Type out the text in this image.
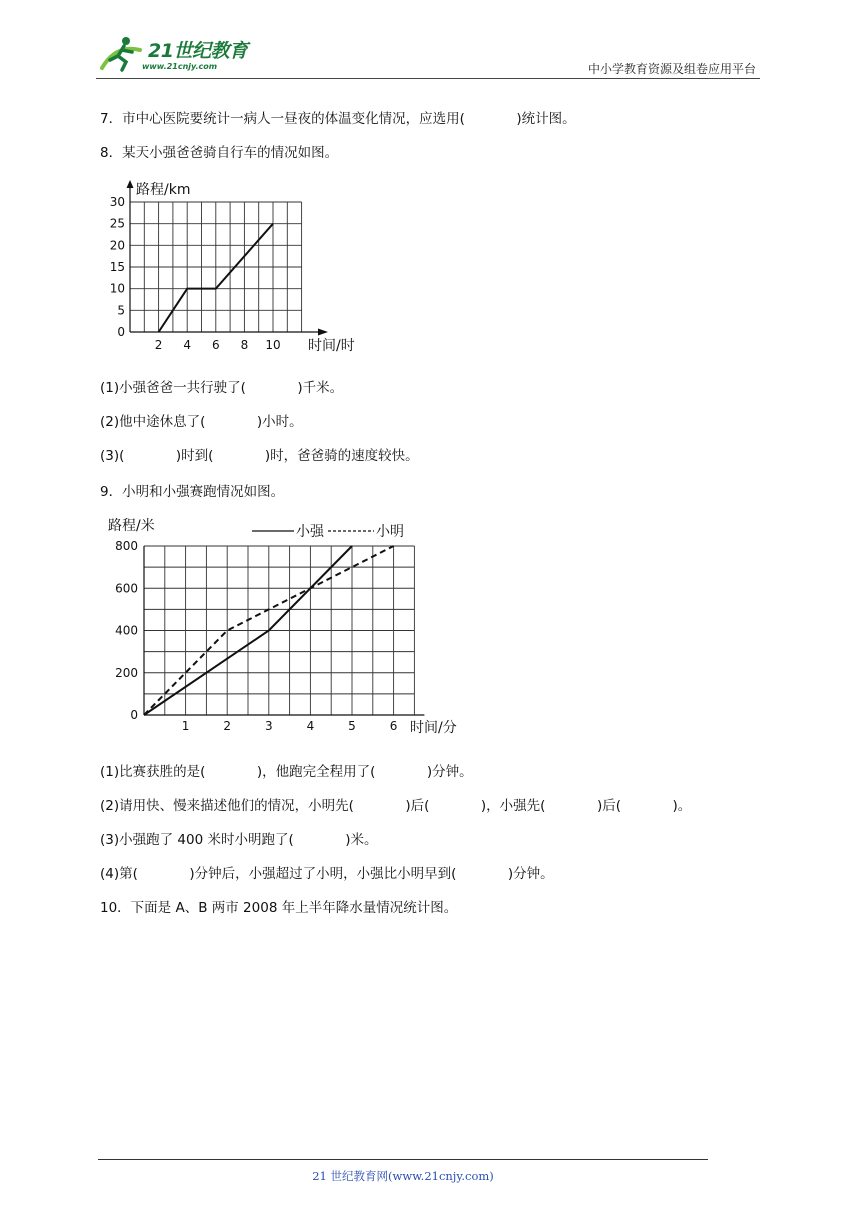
21世纪教育
www.21cnjy.com	中小学教育资源及组卷应用平台
7．市中心医院要统计一病人一昼夜的体温变化情况，应选用(            )统计图。
8．某天小强爸爸骑自行车的情况如图。
路程/km
时间/时
0
5
10
15
20
25
30
2 4 6 8 10
(1)小强爸爸一共行驶了(            )千米。
(2)他中途休息了(            )小时。
(3)(            )时到(            )时，爸爸骑的速度较快。
9．小明和小强赛跑情况如图。
路程/米
时间/分
0
200
400
600
800
1	2	3	4	5	6
小强	小明
(1)比赛获胜的是(            )，他跑完全程用了(            )分钟。
(2)请用快、慢来描述他们的情况，小明先(            )后(            )，小强先(            )后(            )。
(3)小强跑了 400 米时小明跑了(            )米。
(4)第(            )分钟后，小强超过了小明，小强比小明早到(            )分钟。
10．下面是 A、B 两市 2008 年上半年降水量情况统计图。
21 世纪教育网(www.21cnjy.com)
